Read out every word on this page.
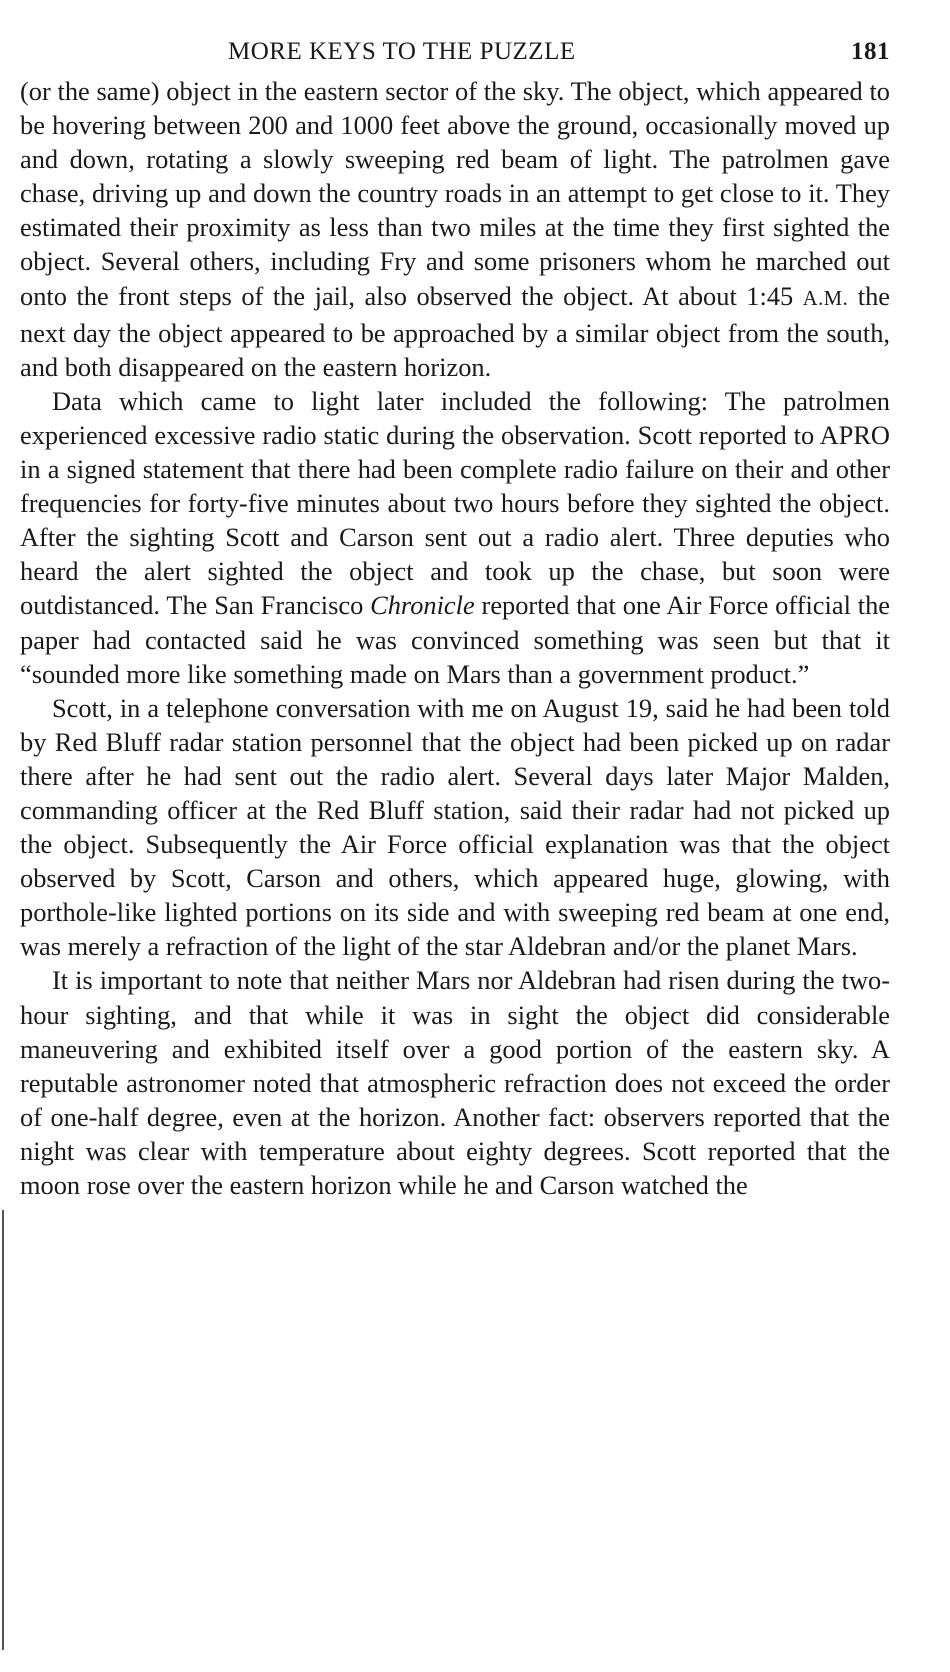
MORE KEYS TO THE PUZZLE	181

(or the same) object in the eastern sector of the sky. The object, which appeared to be hovering between 200 and 1000 feet above the ground, occasionally moved up and down, rotating a slowly sweeping red beam of light. The patrolmen gave chase, driving up and down the country roads in an attempt to get close to it. They estimated their proximity as less than two miles at the time they first sighted the object. Several others, including Fry and some prisoners whom he marched out onto the front steps of the jail, also observed the object. At about 1:45 A.M. the next day the object appeared to be approached by a similar object from the south, and both disappeared on the eastern horizon.

Data which came to light later included the following: The patrolmen experienced excessive radio static during the observation. Scott reported to APRO in a signed statement that there had been complete radio failure on their and other frequencies for forty-five minutes about two hours before they sighted the object. After the sighting Scott and Carson sent out a radio alert. Three deputies who heard the alert sighted the object and took up the chase, but soon were outdistanced. The San Francisco Chronicle reported that one Air Force official the paper had contacted said he was convinced something was seen but that it “sounded more like something made on Mars than a government product.”

Scott, in a telephone conversation with me on August 19, said he had been told by Red Bluff radar station personnel that the object had been picked up on radar there after he had sent out the radio alert. Several days later Major Malden, commanding officer at the Red Bluff station, said their radar had not picked up the object. Subsequently the Air Force official explanation was that the object observed by Scott, Carson and others, which appeared huge, glowing, with porthole-like lighted portions on its side and with sweeping red beam at one end, was merely a refraction of the light of the star Aldebran and/or the planet Mars.

It is important to note that neither Mars nor Aldebran had risen during the two-hour sighting, and that while it was in sight the object did considerable maneuvering and exhibited itself over a good portion of the eastern sky. A reputable astronomer noted that atmospheric refraction does not exceed the order of one-half degree, even at the horizon. Another fact: observers reported that the night was clear with temperature about eighty degrees. Scott reported that the moon rose over the eastern horizon while he and Carson watched the
